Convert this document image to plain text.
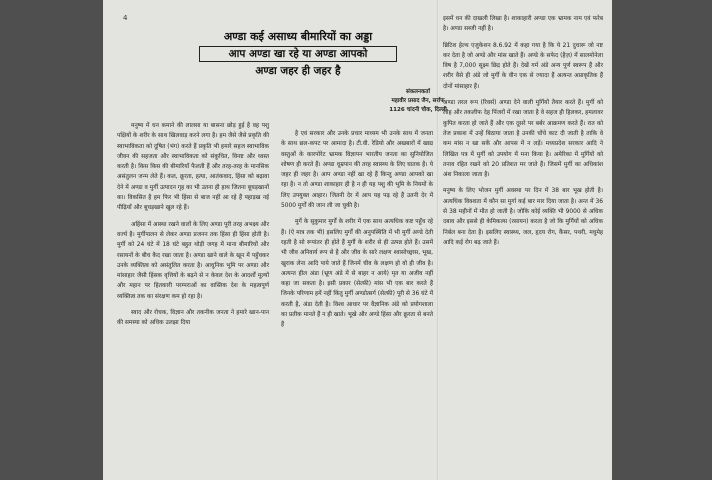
4
अण्डा कई असाध्य बीमारियों का अड्डा
आप अण्डा खा रहे या अण्डा आपको
अण्डा जहर ही जहर है
संकलनकर्ता
महावीर प्रसाद जैन, सर्राफ
1126 चांदनी चौक, दिल्ली

मनुष्य में धन कमाने की लालसा या बासना छोड़ हुई है वह पशु पक्षियों के शरीर के साथ खिलवाड़ करने लगा है। हम जैसे जैसे प्रकृति की स्वाभाविकता को दूषित (भंग) करते हैं प्रकृति भी हमारे सहज स्वाभाविक जीवन की सहजता और स्वाभाविकता को संकुचित, विनष्ट और ध्वस्त करती है। किस किस की बीमारियाँ फैलती हैं और तरह-तरह के मानसिक असंतुलन जन्म लेते हैं। कल, क्रूरता, हत्या, आतंकवाद, हिंसा को बढ़ावा देने में अण्डा व मुर्गी उत्पादन गृह का भी उतना ही हाथ जितना बूचड़खानों का। विकसित है हम फिर भी हिंसा से बाज नहीं आ रहे हैं पहाड़ख नई पीढ़ियाँ और बूचड़खाने खुल रहे हैं।

अहिंसा में आस्था रखने वालों के लिए अण्डा पूरी तरह अभक्ष्य और वर्ज्य है। मुर्गीपालन से लेकर अण्डा प्रजनन तक हिंसा ही हिंसा होती है। मुर्गी को 24 घंटे में 18 घंटे बहुत थोड़ी जगह में माना बीमारियों और रसायनों के बीच कैद रखा जाता है। अण्डा खाने वाले के खून में पहुँचकर उनके व्यक्तित्व को असंतुलित करता है। आधुनिक भूमि पर अण्डा और मांसाहार जैसी हिंसक वृत्तियों के बढ़ने से न केवल देश के आदर्शों मूल्यों और महान पर हितकारी परम्पराओं का वास्तिक देश के महत्वपूर्ण व्यक्तित्व तक का संरक्षण कम हो रहा है।

स्वाद और रोचक, विज्ञान और तकनीक जनता ने हमारे खान-पान की समस्या को अधिक उलझा दिया

है एवं सरकार और उनके प्रचार माध्यम भी उनके साथ में जनता के साथ छल-कपट पर आमादा है। टी.वी. रेडियो और अखबारों में खाद्य वस्तुओं के कारपोरेट भ्रामक विज्ञापन भारतीय जनता का सुनियोजित शोषण ही करते हैं। अण्डा धूम्रपान की तरह स्वास्थ्य के लिए घातक है। ये जहर ही जहर है। आप अण्डा नहीं खा रहे हैं किन्तु अण्डा आपको खा रहा है। न तो अण्डा शाकाहार ही है न ही यह पशु की भूमि के नियमों के लिए उपयुक्त आहार। जितनी देर में आप यह पढ़ रहे हैं उतनी देर में 5000 मुर्गों की जान ली जा चुकी है।

मुर्गे के सुकुमार मुर्गों के शरीर में एक साथ अत्यधिक कष्ट पहुँच रहे हैं। (ऐ मात्र तक भी) इसलिए मुर्गों की अनुपस्थिति में भी मुर्गी अण्डे देती रहती है सो रूपांतर ही होते हैं मुर्गी के शरीर से ही उत्पन्न होते हैं। उसमें भी जीव अनिवार्य रूप से है और जीव के सारे लक्षण श्वासोच्छ्वास, भूख, खुराक लेना आदि पाये जाते हैं जिनमें चीव के लक्षण हो वो ही जीव है। अत्यन्त हील अंडा (भ्रूण अंडे में से बाहर न आये) मृत या अजीव नहीं कहा जा सकता है। इसी प्रकार (सेल्फ़ी) मांस भी एक बार करते हैं जिनके परिणाम हमें नहीं किंतु मुर्गी अण्डोत्सर्ग (सेल्फ़ी) पूरी से 36 घंटे में करती है, अंडा देती है। विश्व आधार पर वैज्ञानिक अंडे को प्रयोगशाला का प्रतीक मानते हैं न ही खाते। भूखे और अण्डे हिंसा और क्रूरता से बनते हैं

इसमें धन की दाखली लिखा है। शाकाहारी अण्डा एक भ्रामक नाम एवं फरेब है। अण्डा सब्जी नहीं है।

ब्रिटिश हेल्थ एजुकेशन 8.6.92 में कहा गया है कि ये 21 दुधारू जो नष्ट कर देता है जो अण्डे और मांस खाते हैं। अण्डे के सफेद (हैज़) में सालमोनेला विष है 7,000 सूक्ष्म छिद्र होते हैं। देखें गर्म अंडे अन्य पूर्ण स्वरूप हैं और शरीर वैसे ही अंडे जो मुर्गी के वीन एक से ज्यादा हैं अत्यन्त अप्राकृतिक हैं दोनों मांसाहार हैं।

अण्डा तरल रूप (रिवर्स) अण्डा देने वाली मुर्गियों तैयार करते हैं। मुर्गी को लौह और तकलीफ देह पिंजरों में रखा जाता है वे सहज ही हिलकर, हमलावर कुपित करता हो जाते हैं और एक दूसरे पर बर्बर आक्रमण करते हैं। रात को तेज प्रकाश में उन्हें बिठाया जाता है उनकी चोंचे काट दी जाती है ताकि वे कम मांस न खा सकें और आपस में न लड़ें। मध्यप्रदेश सरकार आदि ने लिखित पत्र में मुर्गी को उपयोग में मना किया है। अमेरिका में मुर्गियों को तनाव रहित रखने को 20 प्रतिशत मर जाते हैं। जिसमें मुर्गी का अधिकांश अंश निकाला जाता है।

मनुष्य के लिए भोजन मुर्गी अवस्था पर दिन में 38 बार भूख होती है। अत्यधिक विवशता में कौन सा मुर्गा कई बार मार दिया जाता है। अन्त में 36 से 38 महीनों में मौत हो जाती है। जोकि कोई व्यक्ति भी 9000 से अधिक दबाव और इससे ही केमिकल्स (रसायन) करता है जो कि मुर्गियों को अधिक निर्बल बना देता है। इसलिए स्वास्थ्य, जल, हृदय रोग, कैंसर, पथरी, मधुमेह आदि कई रोग बढ़ जाते हैं।
